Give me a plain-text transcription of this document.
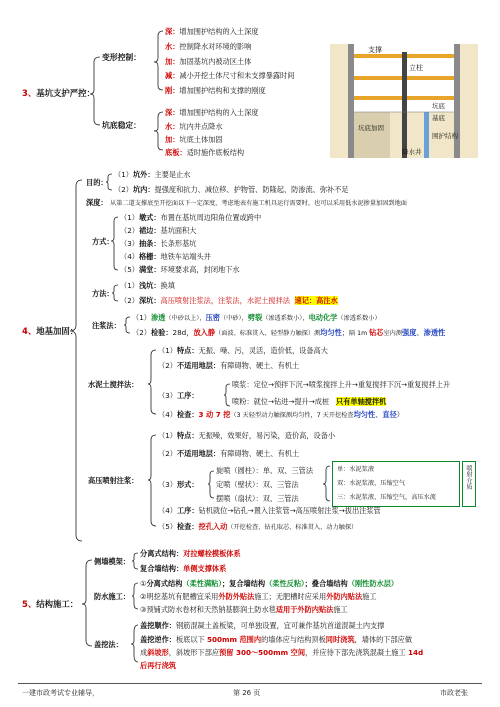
3、基坑支护严控：
变形控制：
坑底稳定：
深：增加围护结构的入土深度
水：控制降水对环境的影响
加：加固基坑内被动区土体
减：减小开挖土体尺寸和未支撑暴露时间
刚：增加围护结构和支撑的刚度
深：增加围护结构的入土深度
水：坑内井点降水
加：坑底土体加固
底板：适时施作底板结构
支撑
立柱
坑底
基底
坑底加固
降水井
围护结构
4、地基加固：
目的：
（1）坑外：主要是止水
（2）坑内：提强度和抗力、减位移、护物管、防隆起、防渗流、弥补不足
深度： 从第二道支撑底至开挖面以下一定深度，考虑地表有施工机具运行需要时，也可以采用低水泥掺量加固到地面
方式：
（1）墩式：布置在基坑周边阳角位置或跨中
（2）裙边：基坑面积大
（3）抽条：长条形基坑
（4）格栅：地铁车站端头井
（5）满堂：环境要求高，封闭地下水
方法：
（1）浅坑：换填
（2）深坑：高压喷射注浆法，注浆法，水泥土搅拌法 速记：高注水
注浆法：
（1）渗透（中砂以上），压密（中砂），劈裂（渗透系数小），电动化学（渗透系数小）
（2）检验：28d，放入静（面波、标准贯入、轻型静力触探）测均匀性；隔 1m 钻芯室内测强度、渗透性
水泥土搅拌法：
（1）特点：无振、噪、污，灵活，造价低，设备高大
（2）不适用地层：有障碍物、硬土、有机土
（3）工序：
喷浆：定位→预拌下沉→喷浆搅拌上升→重复搅拌下沉→重复搅拌上升
喷粉：就位→钻进→提升→成桩 只有单轴搅拌机
（4）检查：3 动 7 挖（3 天轻型动力触探测均匀性，7 天开挖检查均匀性、直径）
高压喷射注浆：
（1）特点：无振噪，效果好，易污染，造价高，设备小
（2）不适用地层：有障碍物、硬土、有机土
（3）形式：
旋喷（圆柱）：单、双、三管法
定喷（壁状）：双、三管法
摆喷（扇状）：双、三管法
单：水泥浆液
双：水泥浆液，压缩空气
三：水泥浆液，压缩空气，高压水流
喷射介质
（4）工序：钻机就位→钻孔→置入注浆管→高压喷射注浆→拔出注浆管
（5）检查：挖孔入动（开挖检查、钻孔取芯、标准贯入、动力触探）
5、结构施工：
侧墙模架：
分离式结构：对拉螺栓模板体系
复合墙结构：单侧支撑体系
防水施工：
①分离式结构（柔性满粘）；复合墙结构（柔性反粘）；叠合墙结构（刚性防水层）
②明挖基坑有肥槽宜采用外防外贴法施工；无肥槽时应采用外防内贴法施工
③预铺式防水卷材和天然钠基膨润土防水毯适用于外防内贴法施工
盖挖法：
盖挖顺作：钢筋混凝土盖板梁，可单独设置，宜可兼作基坑首道混凝土内支撑
盖挖逆作：板底以下 500mm 范围内的墙体应与结构顶板同时浇筑，墙体的下部应做
成斜坡形，斜坡形下部应预留 300～500mm 空间，并应待下部先浇筑混凝土施工 14d
后再行浇筑
一建市政考试专业辅导，	第 26 页	市政老张
